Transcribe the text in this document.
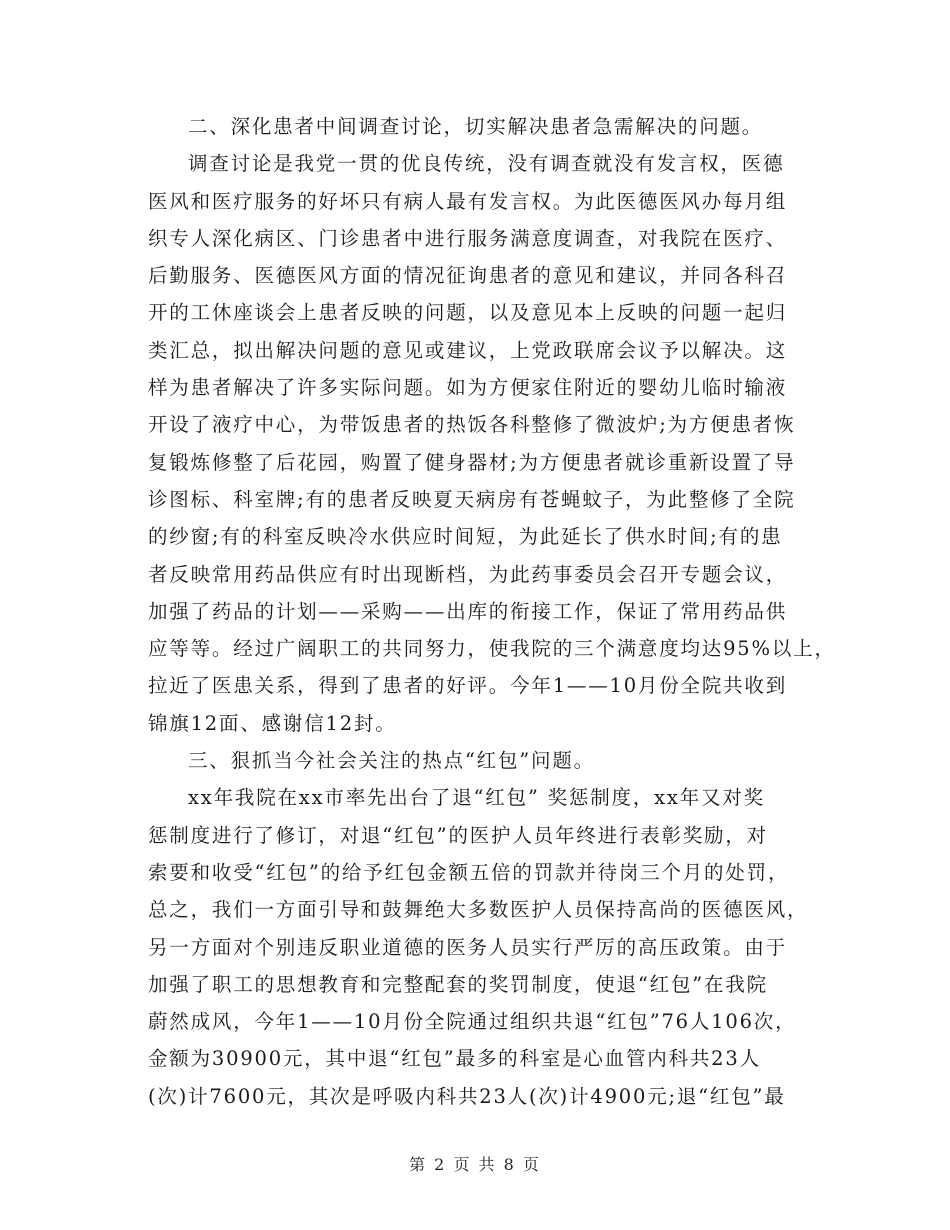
二、深化患者中间调查讨论，切实解决患者急需解决的问题。
调查讨论是我党一贯的优良传统，没有调查就没有发言权，医德
医风和医疗服务的好坏只有病人最有发言权。为此医德医风办每月组
织专人深化病区、门诊患者中进行服务满意度调查，对我院在医疗、
后勤服务、医德医风方面的情况征询患者的意见和建议，并同各科召
开的工休座谈会上患者反映的问题，以及意见本上反映的问题一起归
类汇总，拟出解决问题的意见或建议，上党政联席会议予以解决。这
样为患者解决了许多实际问题。如为方便家住附近的婴幼儿临时输液
开设了液疗中心，为带饭患者的热饭各科整修了微波炉;为方便患者恢
复锻炼修整了后花园，购置了健身器材;为方便患者就诊重新设置了导
诊图标、科室牌;有的患者反映夏天病房有苍蝇蚊子，为此整修了全院
的纱窗;有的科室反映冷水供应时间短，为此延长了供水时间;有的患
者反映常用药品供应有时出现断档，为此药事委员会召开专题会议，
加强了药品的计划——采购——出库的衔接工作，保证了常用药品供
应等等。经过广阔职工的共同努力，使我院的三个满意度均达95%以上，
拉近了医患关系，得到了患者的好评。今年1——10月份全院共收到
锦旗12面、感谢信12封。
三、狠抓当今社会关注的热点“红包”问题。
xx年我院在xx市率先出台了退“红包” 奖惩制度，xx年又对奖
惩制度进行了修订，对退“红包”的医护人员年终进行表彰奖励，对
索要和收受“红包”的给予红包金额五倍的罚款并待岗三个月的处罚，
总之，我们一方面引导和鼓舞绝大多数医护人员保持高尚的医德医风，
另一方面对个别违反职业道德的医务人员实行严厉的高压政策。由于
加强了职工的思想教育和完整配套的奖罚制度，使退“红包”在我院
蔚然成风，今年1——10月份全院通过组织共退“红包”76人106次，
金额为30900元，其中退“红包”最多的科室是心血管内科共23人
(次)计7600元，其次是呼吸内科共23人(次)计4900元;退“红包”最
第 2 页 共 8 页
